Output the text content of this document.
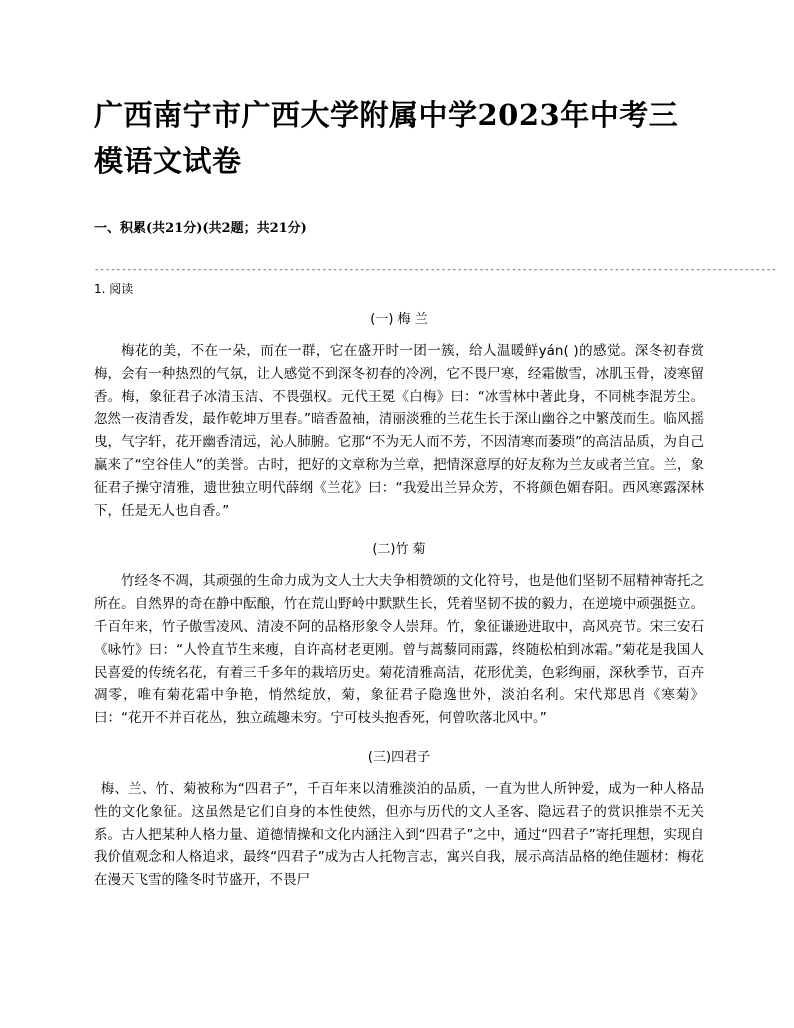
广西南宁市广西大学附属中学2023年中考三模语文试卷
一、积累(共21分)(共2题；共21分)
------------------------------------------------------------------------------------------------------------------------------
1. 阅读
(一) 梅 兰

梅花的美，不在一朵，而在一群，它在盛开时一团一簇，给人温暖鲜yán( )的感觉。深冬初春赏梅，会有一种热烈的气氛，让人感觉不到深冬初春的冷冽，它不畏尸寒，经霜傲雪，冰肌玉骨，凌寒留香。梅，象征君子冰清玉洁、不畏强权。元代王冕《白梅》曰：“冰雪林中著此身，不同桃李混芳尘。忽然一夜清香发，最作乾坤万里春。”暗香盈袖，清丽淡雅的兰花生长于深山幽谷之中繁茂而生。临风摇曳，气字轩，花开幽香清远，沁人肺腑。它那“不为无人而不芳，不因清寒而萎琐”的高洁品质，为自己赢来了“空谷佳人”的美誉。古时，把好的文章称为兰章，把情深意厚的好友称为兰友或者兰宜。兰，象征君子操守清雅，遗世独立明代薛纲《兰花》曰：“我爱出兰异众芳，不将颜色媚春阳。西风寒露深林下，任是无人也自香。”

(二)竹 菊

竹经冬不凋，其顽强的生命力成为文人士大夫争相赞颂的文化符号，也是他们坚韧不屈精神寄托之所在。自然界的奇在静中酝酿，竹在荒山野岭中默默生长，凭着坚韧不拔的毅力，在逆境中顽强挺立。千百年来，竹子傲雪凌风、清凌不阿的品格形象令人崇拜。竹，象征谦逊进取中，高风亮节。宋三安石《咏竹》曰：“人怜直节生来瘦，自许高材老更刚。曾与蒿藜同雨露，终随松柏到冰霜。”菊花是我国人民喜爱的传统名花，有着三千多年的栽培历史。菊花清雅高洁，花形优美，色彩绚丽，深秋季节，百卉凋零，唯有菊花霜中争艳，悄然绽放，菊，象征君子隐逸世外，淡泊名利。宋代郑思肖《寒菊》曰：“花开不并百花丛，独立疏趣未穷。宁可枝头抱香死，何曾吹落北风中。”

(三)四君子

梅、兰、竹、菊被称为“四君子”，千百年来以清雅淡泊的品质，一直为世人所钟爱，成为一种人格品性的文化象征。这虽然是它们自身的本性使然，但亦与历代的文人圣客、隐远君子的赏识推崇不无关系。古人把某种人格力量、道德情操和文化内涵注入到“四君子”之中，通过“四君子”寄托理想，实现自我价值观念和人格追求，最终“四君子”成为古人托物言志，寓兴自我，展示高洁品格的绝佳题材：梅花在漫天飞雪的隆冬时节盛开，不畏尸
